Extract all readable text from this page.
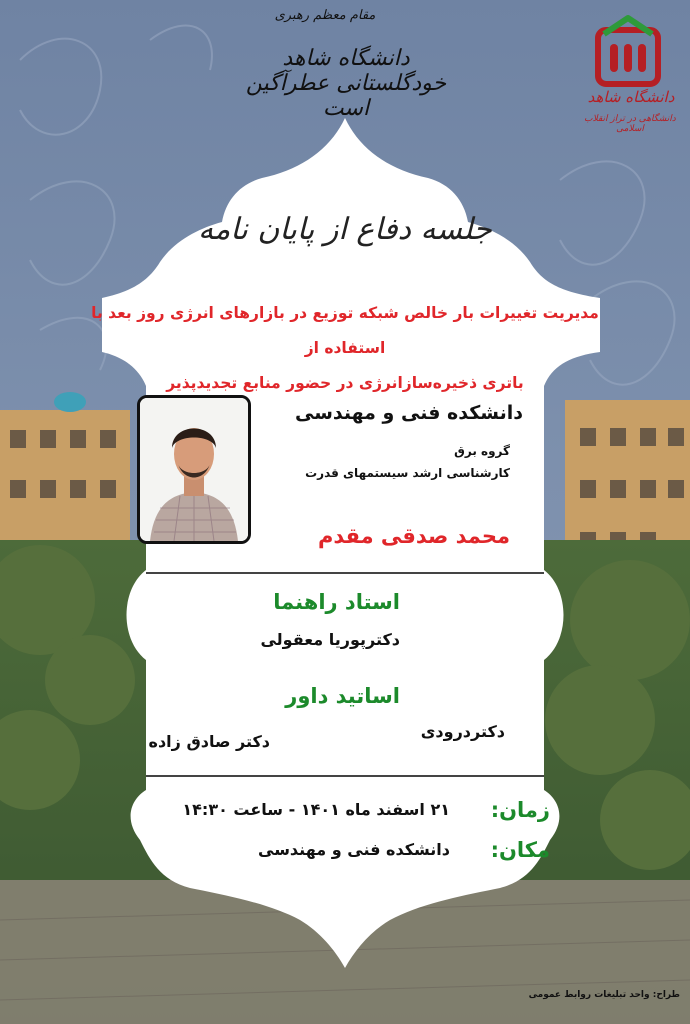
دانشگاه شاهد
دانشگاهی در تراز انقلاب اسلامی
مقام معظم رهبری
دانشگاه شاهد خودگلستانی عطرآگین است
جلسه دفاع از پایان نامه
مدیریت تغییرات بار خالص شبکه توزیع در بازارهای انرژی روز بعد با استفاده از
باتری ذخیره‌سازانرژی در حضور منابع تجدیدپذیر
دانشکده فنی و مهندسی
گروه برق
کارشناسی ارشد سیستمهای قدرت
محمد صدقی مقدم
استاد راهنما
دکترپوریا معقولی
اساتید داور
دکتردرودی
دکتر صادق زاده
زمان:
۲۱ اسفند ماه ۱۴۰۱ - ساعت ۱۴:۳۰
مکان:
دانشکده فنی و مهندسی
طراح: واحد تبلیغات روابط عمومی
